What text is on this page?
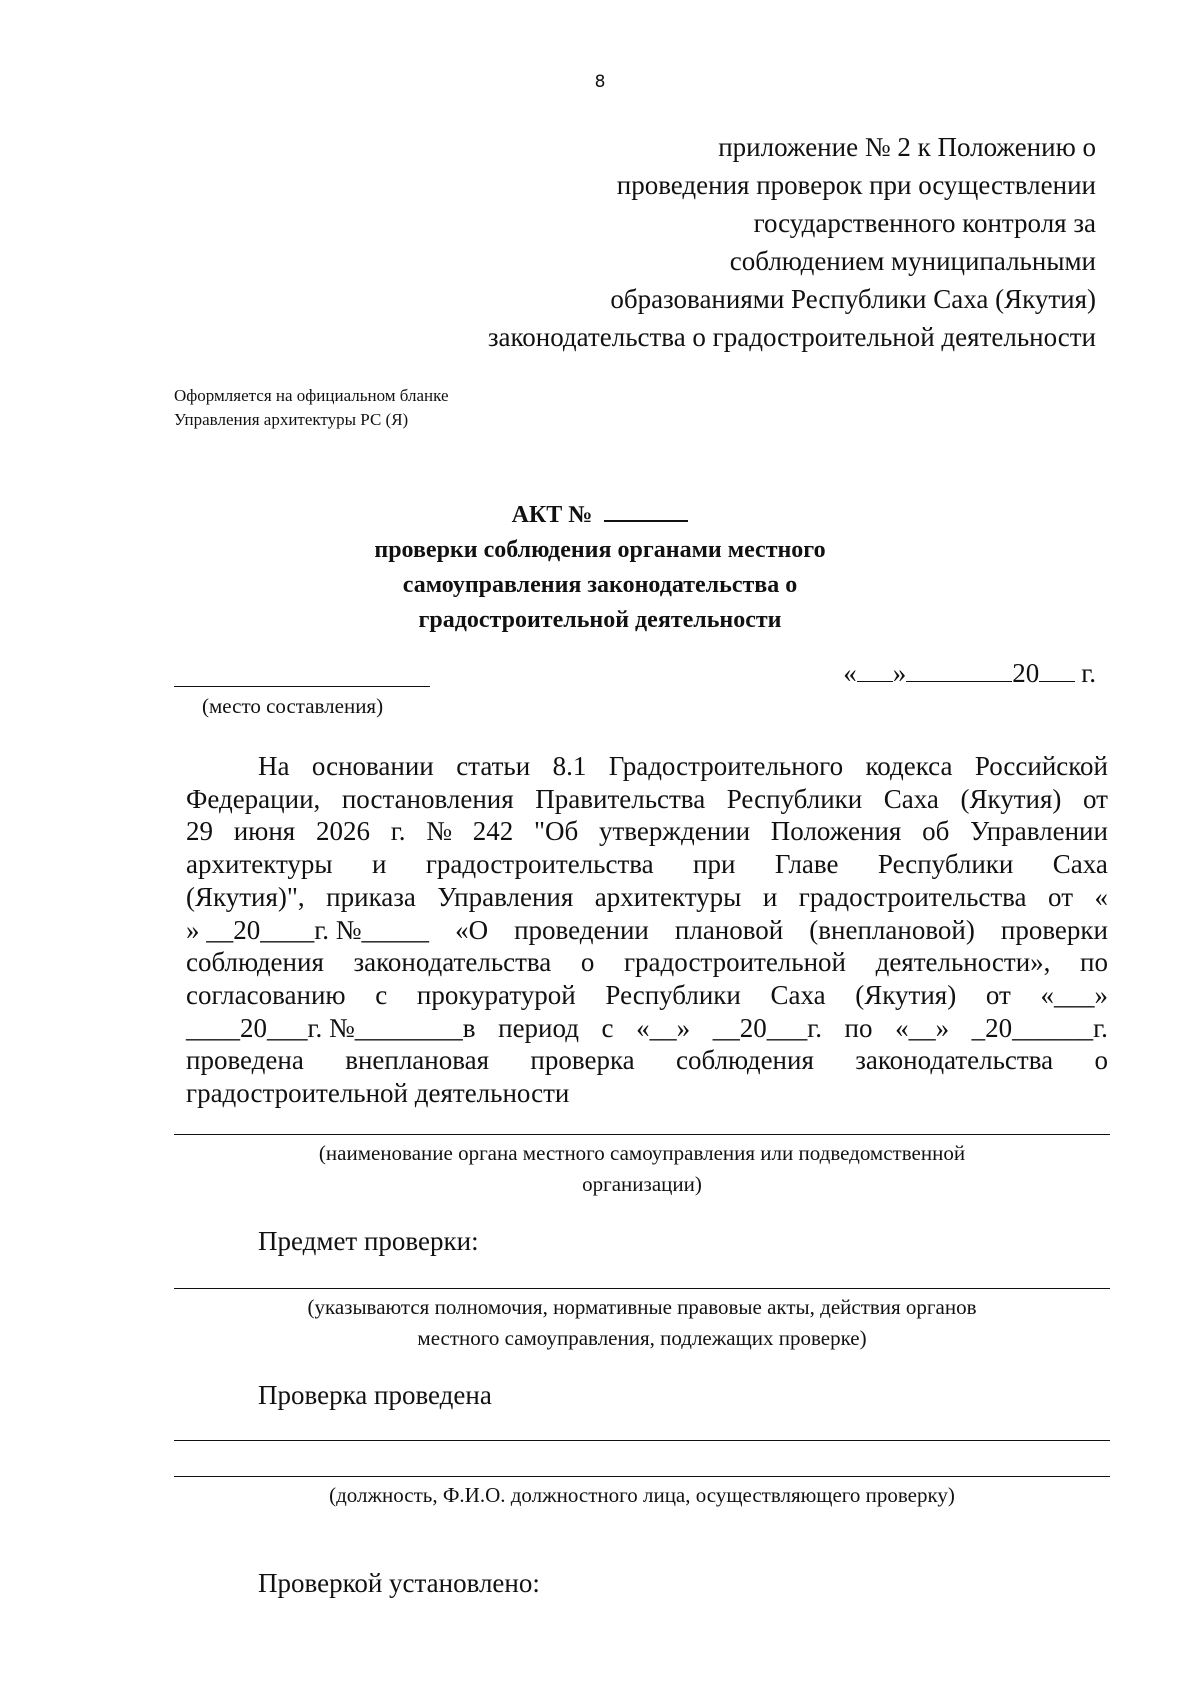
8
приложение № 2 к Положению о
проведения проверок при осуществлении
государственного контроля за
соблюдением муниципальными
образованиями Республики Саха (Якутия)
законодательства о градостроительной деятельности
Оформляется на официальном бланке
Управления архитектуры РС (Я)
АКТ №
проверки соблюдения органами местного
самоуправления законодательства о
градостроительной деятельности
(место составления)
« »	20 г.
На основании статьи 8.1 Градостроительного кодекса Российской
Федерации, постановления Правительства Республики Саха (Якутия) от
29 июня 2026 г. № 242 "Об утверждении Положения об Управлении
архитектуры и градостроительства при Главе Республики Саха
(Якутия)", приказа Управления архитектуры и градостроительства от «
» __20____г. №_____ «О проведении плановой (внеплановой) проверки
соблюдения законодательства о градостроительной деятельности», по
согласованию с прокуратурой Республики Саха (Якутия) от «___»
____20___г. №________в период с «__» __20___г. по «__» _20______г.
проведена внеплановая проверка соблюдения законодательства о
градостроительной деятельности
(наименование органа местного самоуправления или подведомственной
организации)
Предмет проверки:
(указываются полномочия, нормативные правовые акты, действия органов
местного самоуправления, подлежащих проверке)
Проверка проведена
(должность, Ф.И.О. должностного лица, осуществляющего проверку)
Проверкой установлено:
